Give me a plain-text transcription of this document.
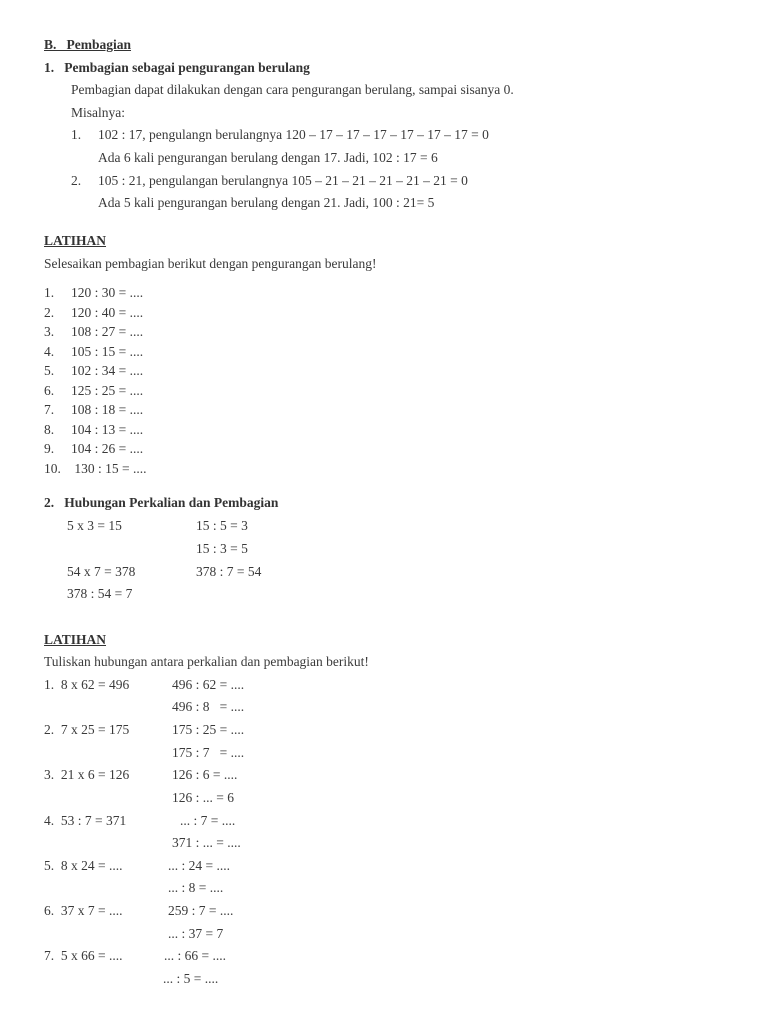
B.   Pembagian
1.   Pembagian sebagai pengurangan berulang
Pembagian dapat dilakukan dengan cara pengurangan berulang, sampai sisanya 0.
Misalnya:
1.     102 : 17, pengulangn berulangnya 120 – 17 – 17 – 17 – 17 – 17 – 17 = 0
Ada 6 kali pengurangan berulang dengan 17. Jadi, 102 : 17 = 6
2.     105 : 21, pengulangan berulangnya 105 – 21 – 21 – 21 – 21 – 21 = 0
Ada 5 kali pengurangan berulang dengan 21. Jadi, 100 : 21= 5
LATIHAN
Selesaikan pembagian berikut dengan pengurangan berulang!
1.     120 : 30 = ....
2.     120 : 40 = ....
3.     108 : 27 = ....
4.     105 : 15 = ....
5.     102 : 34 = ....
6.     125 : 25 = ....
7.     108 : 18 = ....
8.     104 : 13 = ....
9.     104 : 26 = ....
10.    130 : 15 = ....
2.   Hubungan Perkalian dan Pembagian
5 x 3 = 15	15 : 5 = 3
15 : 3 = 5
54 x 7 = 378	378 : 7 = 54
378 : 54 = 7
LATIHAN
Tuliskan hubungan antara perkalian dan pembagian berikut!
1.  8 x 62 = 496	496 : 62 = ....
496 : 8   = ....
2.  7 x 25 = 175	175 : 25 = ....
175 : 7   = ....
3.  21 x 6 = 126	126 : 6 = ....
126 : ... = 6
4.  53 : 7 = 371	... : 7 = ....
371 : ... = ....
5.  8 x 24 = ....	... : 24 = ....
... : 8 = ....
6.  37 x 7 = ....	259 : 7 = ....
... : 37 = 7
7.  5 x 66 = ....	... : 66 = ....
... : 5 = ....
